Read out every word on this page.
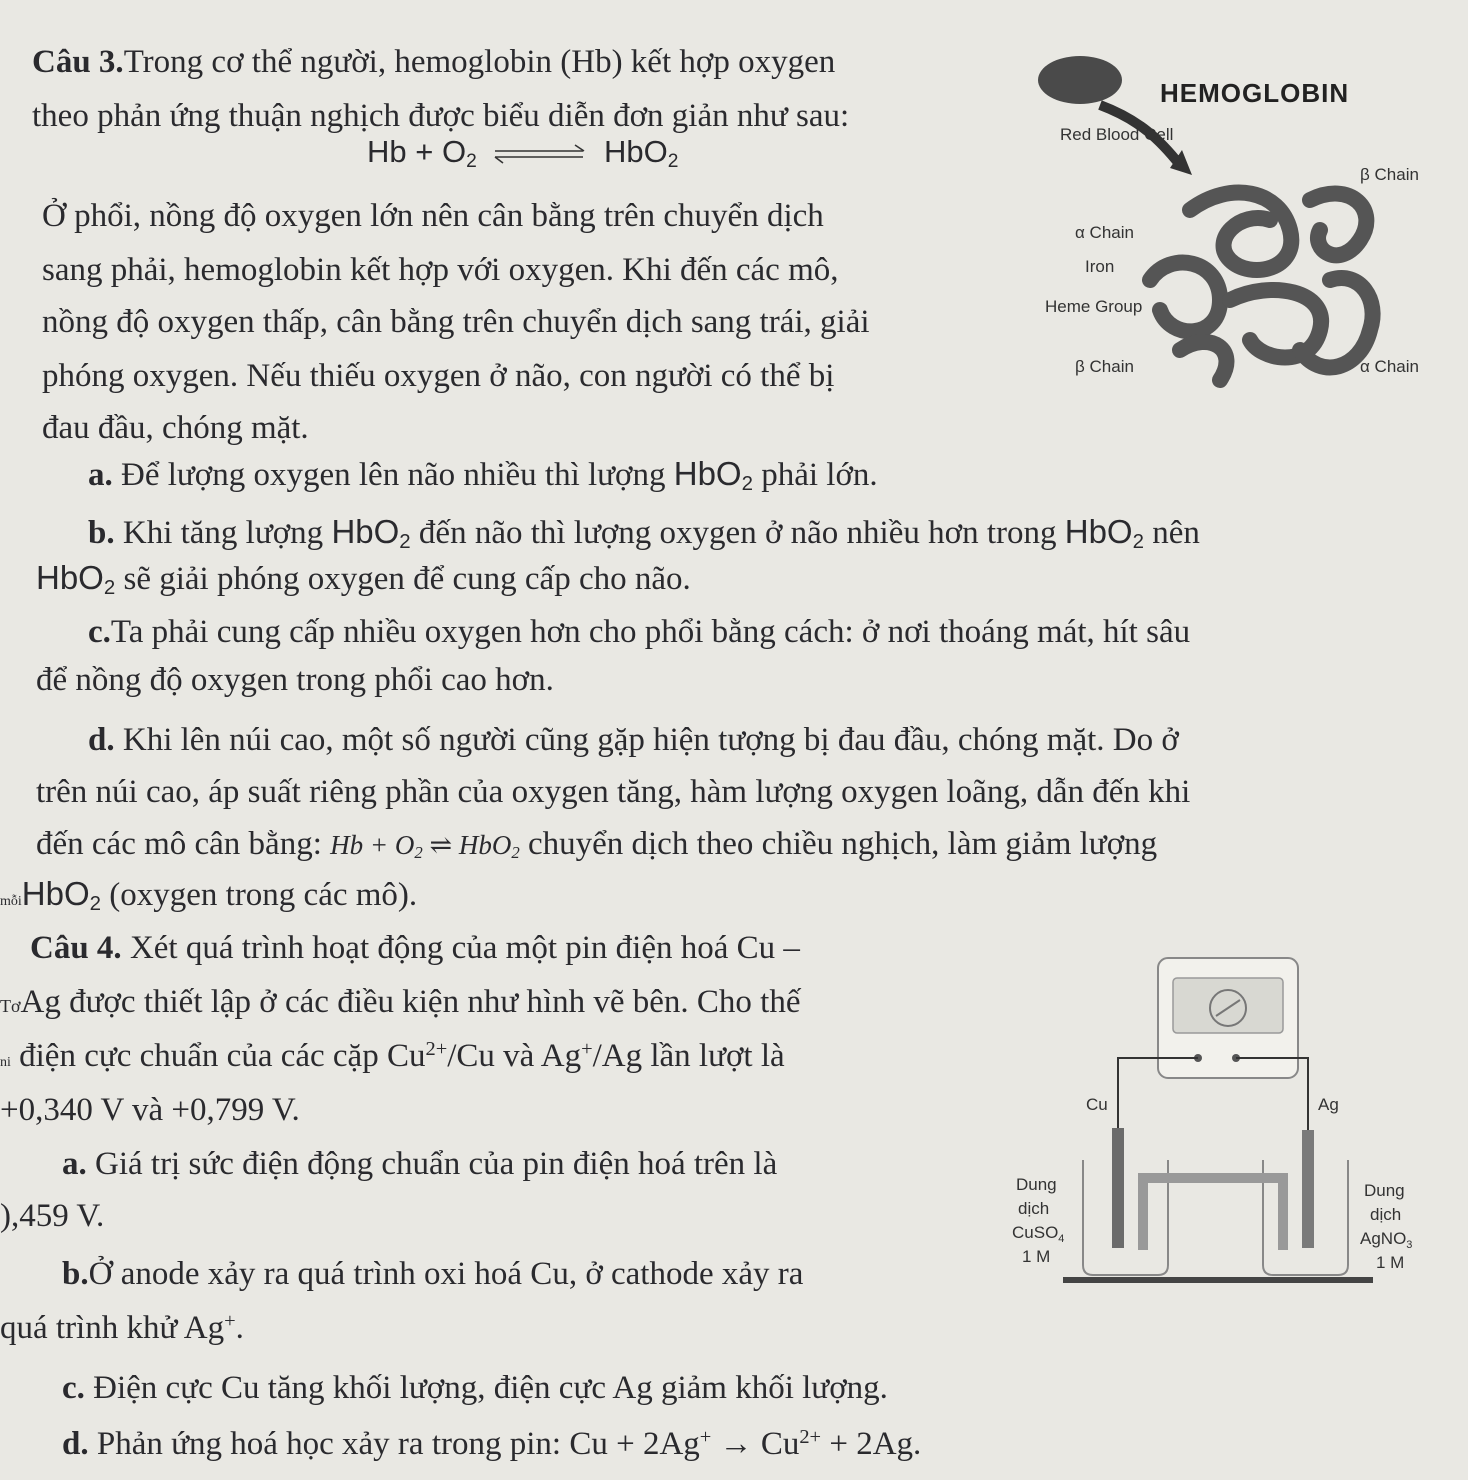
Câu 3.Trong cơ thể người, hemoglobin (Hb) kết hợp oxygen
theo phản ứng thuận nghịch được biểu diễn đơn giản như sau:
$Hb + O_2$ ⇌ HbO$_2$
Ở phổi, nồng độ oxygen lớn nên cân bằng trên chuyển dịch
sang phải, hemoglobin kết hợp với oxygen. Khi đến các mô,
nồng độ oxygen thấp, cân bằng trên chuyển dịch sang trái, giải
phóng oxygen. Nếu thiếu oxygen ở não, con người có thể bị
đau đầu, chóng mặt.
HEMOGLOBIN
Red Blood Cell
β Chain
α Chain
Iron
Heme Group
β Chain	α Chain
a. Để lượng oxygen lên não nhiều thì lượng HbO$_2$ phải lớn.
b. Khi tăng lượng HbO$_2$ đến não thì lượng oxygen ở não nhiều hơn trong HbO$_2$ nên
HbO$_2$ sẽ giải phóng oxygen để cung cấp cho não.
c.Ta phải cung cấp nhiều oxygen hơn cho phổi bằng cách: ở nơi thoáng mát, hít sâu
để nồng độ oxygen trong phổi cao hơn.
d. Khi lên núi cao, một số người cũng gặp hiện tượng bị đau đầu, chóng mặt. Do ở
trên núi cao, áp suất riêng phần của oxygen tăng, hàm lượng oxygen loãng, dẫn đến khi
đến các mô cân bằng: $Hb + O_2$ ⇌ HbO$_2$ chuyển dịch theo chiều nghịch, làm giảm lượng
mỗiHbO$_2$ (oxygen trong các mô).
Câu 4. Xét quá trình hoạt động của một pin điện hoá Cu –
TơAg được thiết lập ở các điều kiện như hình vẽ bên. Cho thế
ni điện cực chuẩn của các cặp $Cu^{2+}/Cu$ và Ag+/Ag lần lượt là
+0,340 V và +0,799 V.
a. Giá trị sức điện động chuẩn của pin điện hoá trên là
),459 V.
b.Ở anode xảy ra quá trình oxi hoá Cu, ở cathode xảy ra
quá trình khử Ag+.
c. Điện cực Cu tăng khối lượng, điện cực Ag giảm khối lượng.
d. Phản ứng hoá học xảy ra trong pin: $Cu + 2Ag^+ \to Cu^{2+} + 2Ag$.
Cu	Ag
Dung
dịch
CuSO$_4$
1 M
Dung
dịch
AgNO$_3$
1 M
